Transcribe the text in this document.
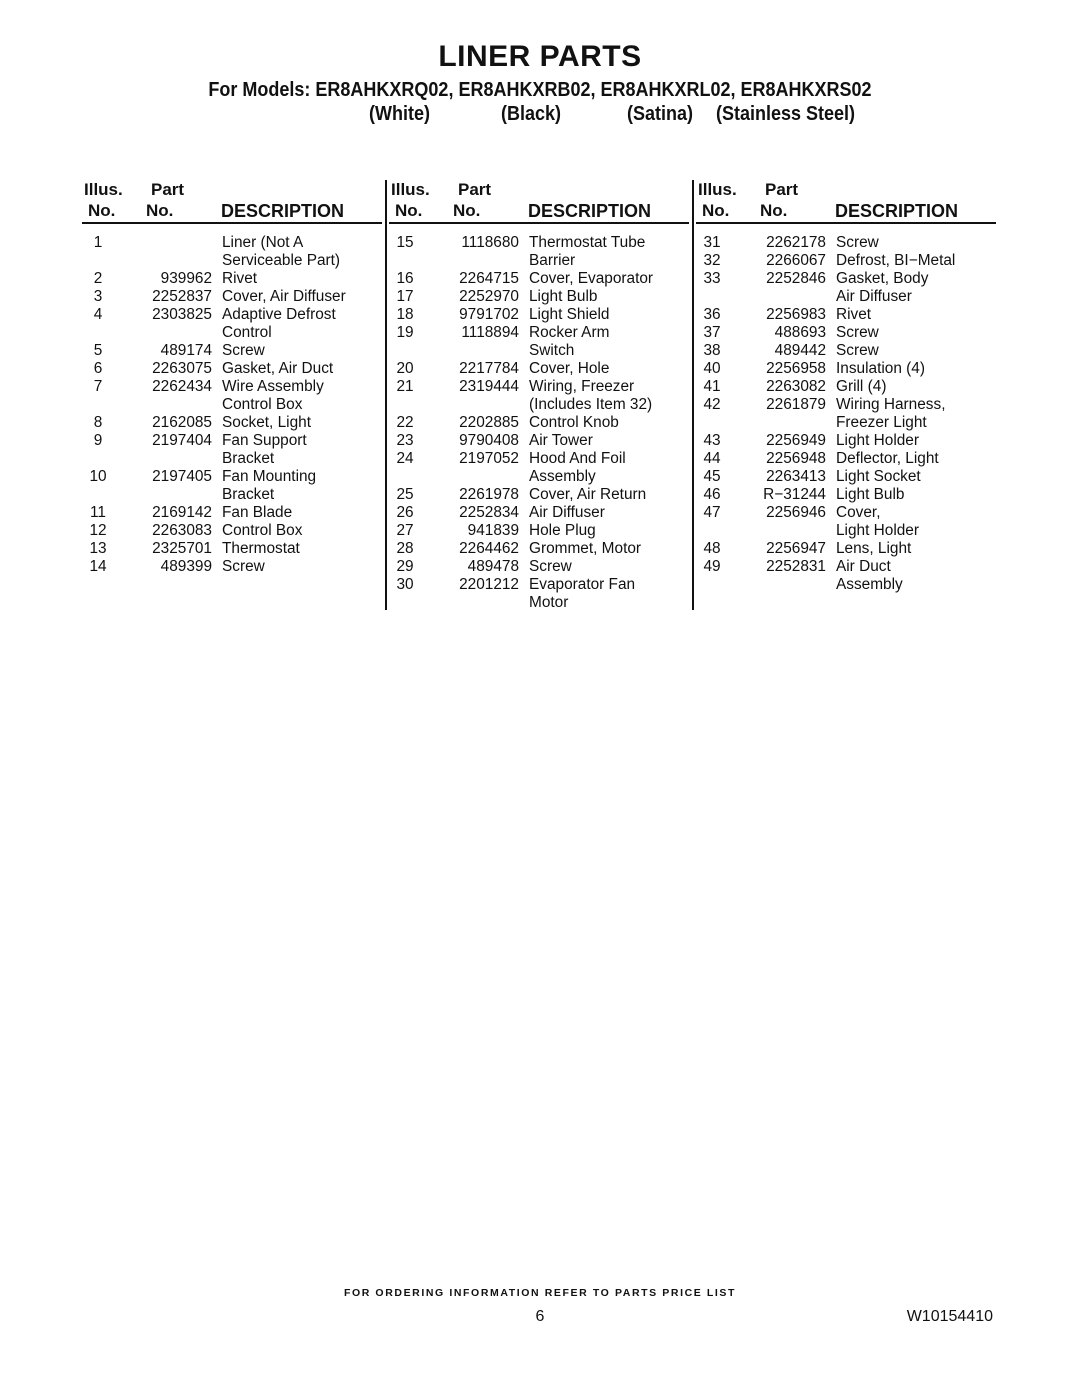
LINER PARTS
For Models: ER8AHKXRQ02, ER8AHKXRB02, ER8AHKXRL02, ER8AHKXRS02
(White)	(Black)	(Satina) (Stainless Steel)
Illus.
No.
Part
No.	DESCRIPTION
1	Liner (Not A
Serviceable Part)
2	939962 Rivet
3	2252837 Cover, Air Diffuser
4	2303825 Adaptive Defrost
Control
5	489174 Screw
6	2263075 Gasket, Air Duct
7	2262434 Wire Assembly
Control Box
8	2162085 Socket, Light
9	2197404 Fan Support
Bracket
10	2197405 Fan Mounting
Bracket
11	2169142 Fan Blade
12	2263083 Control Box
13	2325701 Thermostat
14	489399 Screw
Illus.
No.
Part
No.	DESCRIPTION
15	1118680 Thermostat Tube
Barrier
16	2264715 Cover, Evaporator
17	2252970 Light Bulb
18	9791702 Light Shield
19	1118894 Rocker Arm
Switch
20	2217784 Cover, Hole
21	2319444 Wiring, Freezer
(Includes Item 32)
22	2202885 Control Knob
23	9790408 Air Tower
24	2197052 Hood And Foil
Assembly
25	2261978 Cover, Air Return
26	2252834 Air Diffuser
27	941839 Hole Plug
28	2264462 Grommet, Motor
29	489478 Screw
30	2201212 Evaporator Fan
Motor
Illus.
No.
Part
No.	DESCRIPTION
31	2262178 Screw
32	2266067 Defrost, BI−Metal
33	2252846 Gasket, Body
Air Diffuser
36	2256983 Rivet
37	488693 Screw
38	489442 Screw
40	2256958 Insulation (4)
41	2263082 Grill (4)
42	2261879 Wiring Harness,
Freezer Light
43	2256949 Light Holder
44	2256948 Deflector, Light
45	2263413 Light Socket
46	R−31244 Light Bulb
47	2256946 Cover,
Light Holder
48	2256947 Lens, Light
49	2252831 Air Duct
Assembly
FOR ORDERING INFORMATION REFER TO PARTS PRICE LIST
6	W10154410
